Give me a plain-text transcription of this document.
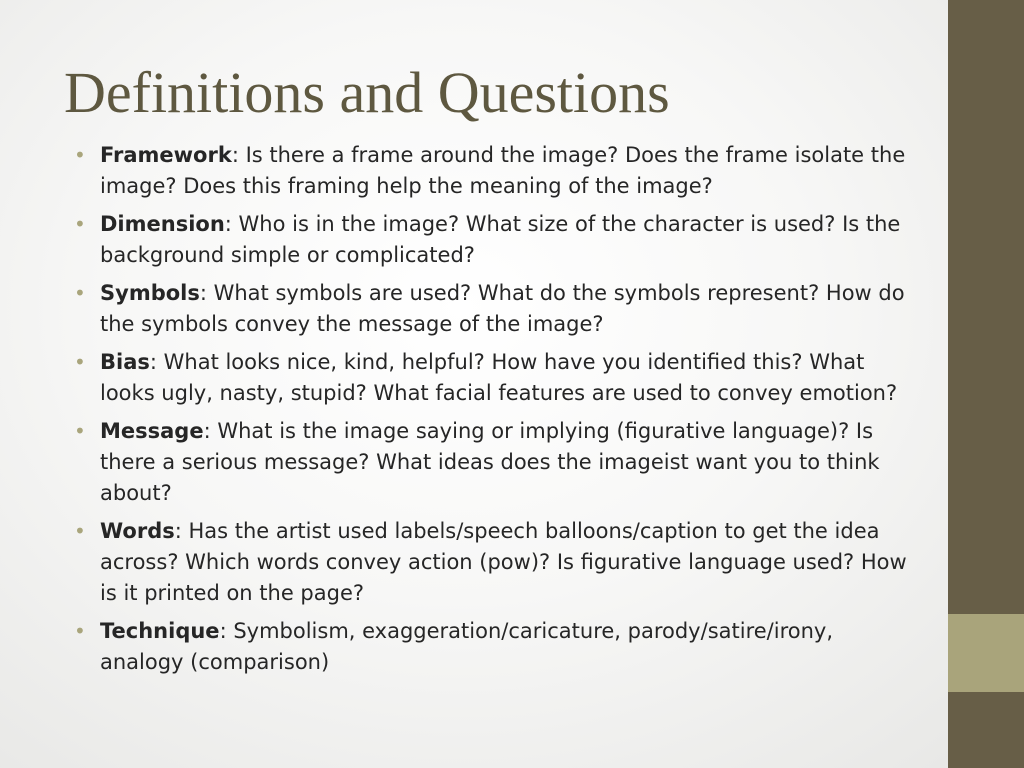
Definitions and Questions
• Framework: Is there a frame around the image? Does the frame isolate the image? Does this framing help the meaning of the image?
• Dimension: Who is in the image? What size of the character is used? Is the background simple or complicated?
• Symbols: What symbols are used? What do the symbols represent? How do the symbols convey the message of the image?
• Bias: What looks nice, kind, helpful? How have you identified this? What looks ugly, nasty, stupid? What facial features are used to convey emotion?
• Message: What is the image saying or implying (figurative language)? Is there a serious message? What ideas does the imageist want you to think about?
• Words: Has the artist used labels/speech balloons/caption to get the idea across? Which words convey action (pow)? Is figurative language used? How is it printed on the page?
• Technique: Symbolism, exaggeration/caricature, parody/satire/irony, analogy (comparison)
